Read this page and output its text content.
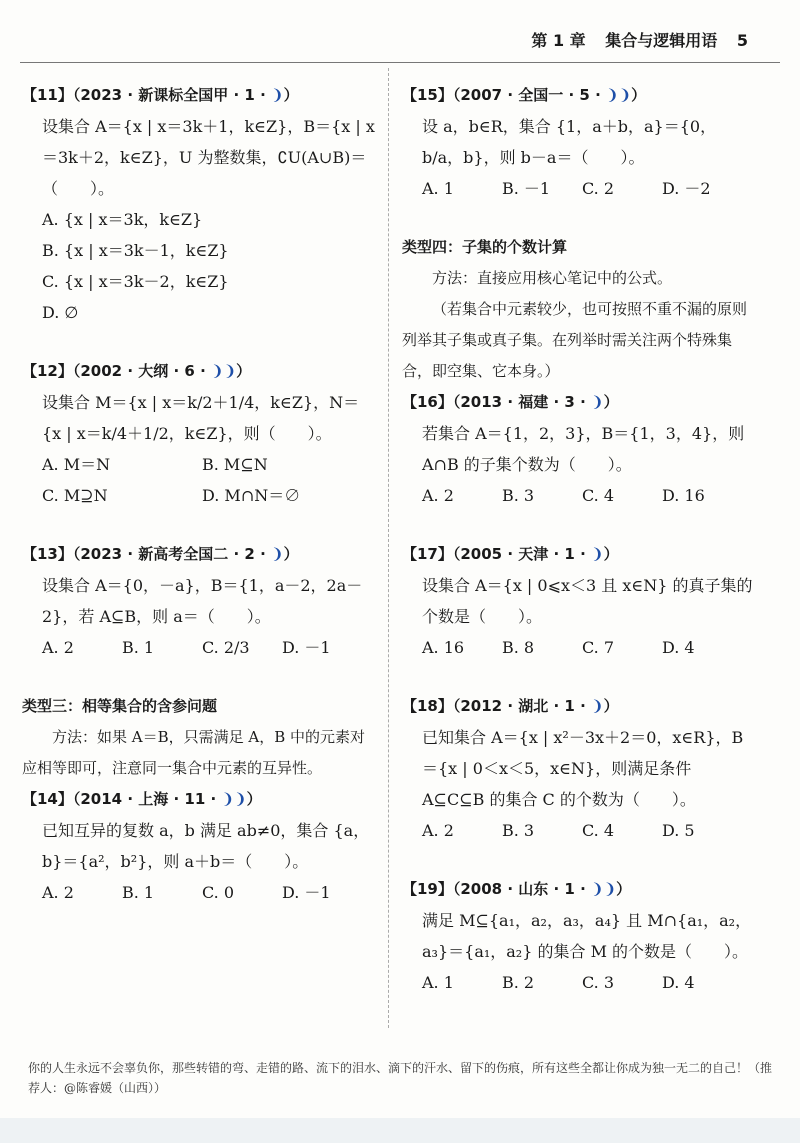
第 1 章 集合与逻辑用语 5
【11】（2023 · 新课标全国甲 · 1 · ❩）
设集合 A＝{x | x＝3k＋1，k∈Z}，B＝{x | x＝3k＋2，k∈Z}，U 为整数集，∁U(A∪B)＝（　　）。
A. {x | x＝3k，k∈Z}
B. {x | x＝3k－1，k∈Z}
C. {x | x＝3k－2，k∈Z}
D. ∅
【12】（2002 · 大纲 · 6 · ❩❩）
设集合 M＝{x | x＝k/2＋1/4，k∈Z}，N＝{x | x＝k/4＋1/2，k∈Z}，则（　　）。
A. M＝N	B. M⊆N
C. M⊇N	D. M∩N＝∅
【13】（2023 · 新高考全国二 · 2 · ❩）
设集合 A＝{0，－a}，B＝{1，a－2，2a－2}，若 A⊆B，则 a＝（　　）。
A. 2	B. 1	C. 2/3	D. －1
类型三：相等集合的含参问题
方法：如果 A＝B，只需满足 A，B 中的元素对应相等即可，注意同一集合中元素的互异性。
【14】（2014 · 上海 · 11 · ❩❩）
已知互异的复数 a，b 满足 ab≠0，集合 {a，b}＝{a²，b²}，则 a＋b＝（　　）。
A. 2	B. 1	C. 0	D. －1
【15】（2007 · 全国一 · 5 · ❩❩）
设 a，b∈R，集合 {1，a＋b，a}＝{0，b/a，b}，则 b－a＝（　　）。
A. 1	B. －1	C. 2	D. －2
类型四：子集的个数计算
方法：直接应用核心笔记中的公式。
（若集合中元素较少，也可按照不重不漏的原则列举其子集或真子集。在列举时需关注两个特殊集合，即空集、它本身。）
【16】（2013 · 福建 · 3 · ❩）
若集合 A＝{1，2，3}，B＝{1，3，4}，则 A∩B 的子集个数为（　　）。
A. 2	B. 3	C. 4	D. 16
【17】（2005 · 天津 · 1 · ❩）
设集合 A＝{x | 0⩽x＜3 且 x∈N} 的真子集的个数是（　　）。
A. 16	B. 8	C. 7	D. 4
【18】（2012 · 湖北 · 1 · ❩）
已知集合 A＝{x | x²－3x＋2＝0，x∈R}，B＝{x | 0＜x＜5，x∈N}，则满足条件 A⊆C⊆B 的集合 C 的个数为（　　）。
A. 2	B. 3	C. 4	D. 5
【19】（2008 · 山东 · 1 · ❩❩）
满足 M⊆{a₁，a₂，a₃，a₄} 且 M∩{a₁，a₂，a₃}＝{a₁，a₂} 的集合 M 的个数是（　　）。
A. 1	B. 2	C. 3	D. 4
你的人生永远不会辜负你，那些转错的弯、走错的路、流下的泪水、滴下的汗水、留下的伤痕，所有这些全都让你成为独一无二的自己！（推荐人：@陈睿媛（山西））
